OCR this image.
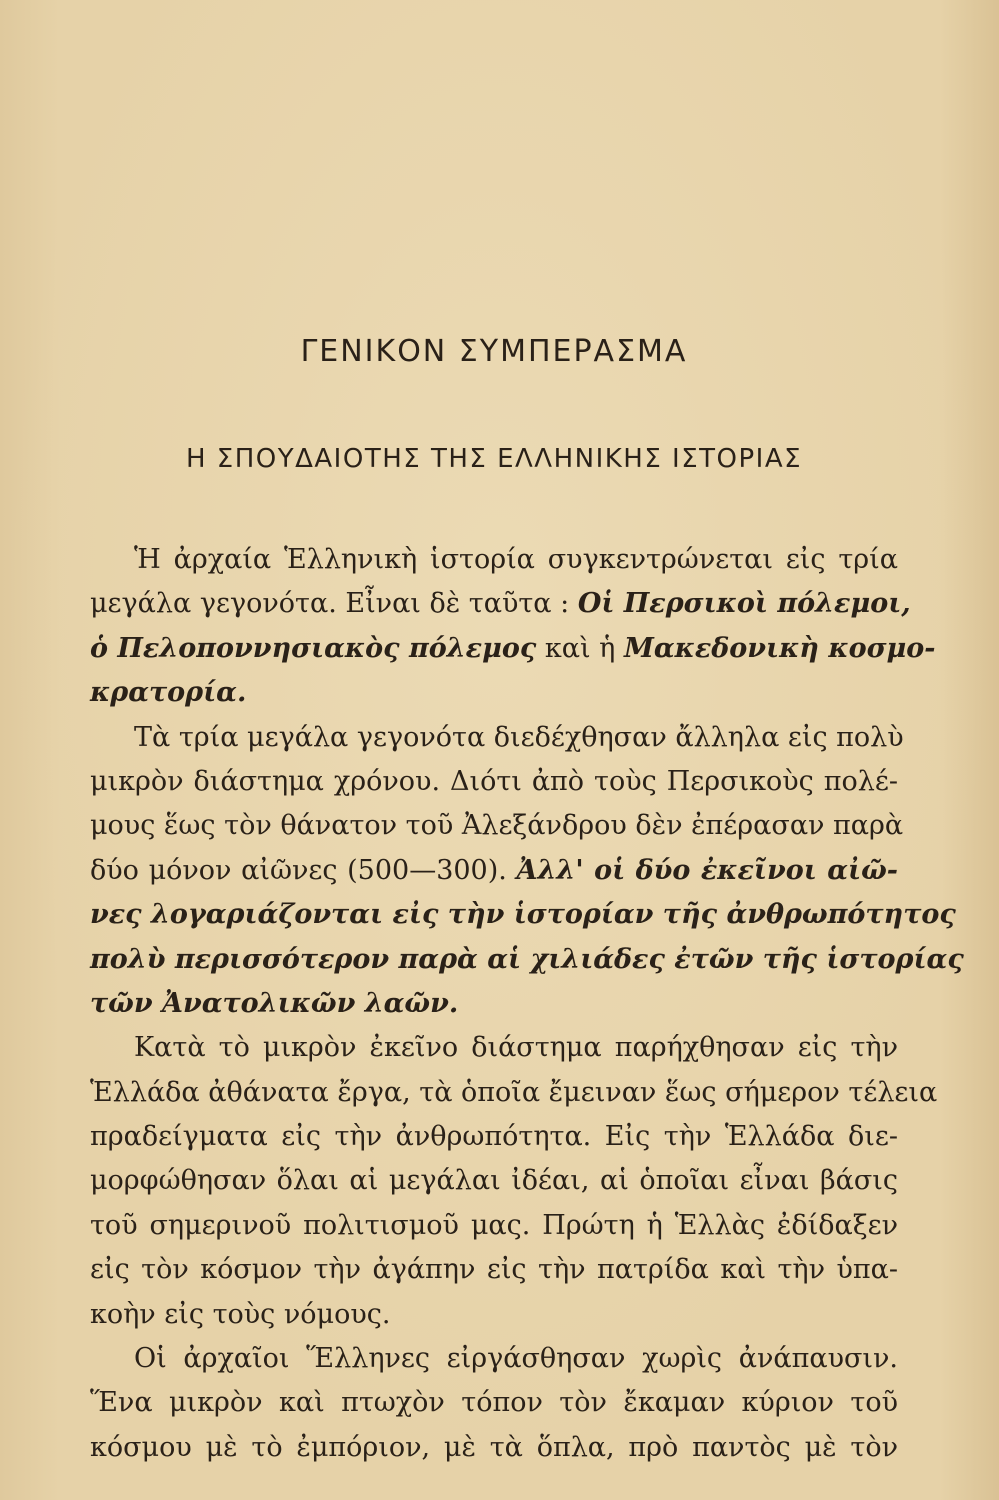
ΓΕΝΙΚΟΝ ΣΥΜΠΕΡΑΣΜΑ
Η ΣΠΟΥΔΑΙΟΤΗΣ ΤΗΣ ΕΛΛΗΝΙΚΗΣ ΙΣΤΟΡΙΑΣ
Ἡ ἀρχαία Ἑλληνικὴ ἱστορία συγκεντρώνεται εἰς τρία
μεγάλα γεγονότα. Εἶναι δὲ ταῦτα : Οἱ Περσικοὶ πόλεμοι,
ὁ Πελοποννησιακὸς πόλεμος καὶ ἡ Μακεδονικὴ κοσμο-
κρατορία.
Τὰ τρία μεγάλα γεγονότα διεδέχθησαν ἄλληλα εἰς πολὺ
μικρὸν διάστημα χρόνου. Διότι ἀπὸ τοὺς Περσικοὺς πολέ-
μους ἕως τὸν θάνατον τοῦ Ἀλεξάνδρου δὲν ἐπέρασαν παρὰ
δύο μόνον αἰῶνες (500—300). Ἀλλ' οἱ δύο ἐκεῖνοι αἰῶ-
νες λογαριάζονται εἰς τὴν ἱστορίαν τῆς ἀνθρωπότητος
πολὺ περισσότερον παρὰ αἱ χιλιάδες ἐτῶν τῆς ἱστορίας
τῶν Ἀνατολικῶν λαῶν.
Κατὰ τὸ μικρὸν ἐκεῖνο διάστημα παρήχθησαν εἰς τὴν
Ἑλλάδα ἀθάνατα ἔργα, τὰ ὁποῖα ἔμειναν ἕως σήμερον τέλεια
πραδείγματα εἰς τὴν ἀνθρωπότητα. Εἰς τὴν Ἑλλάδα διε-
μορφώθησαν ὅλαι αἱ μεγάλαι ἰδέαι, αἱ ὁποῖαι εἶναι βάσις
τοῦ σημερινοῦ πολιτισμοῦ μας. Πρώτη ἡ Ἑλλὰς ἐδίδαξεν
εἰς τὸν κόσμον τὴν ἀγάπην εἰς τὴν πατρίδα καὶ τὴν ὑπα-
κοὴν εἰς τοὺς νόμους.
Οἱ ἀρχαῖοι Ἕλληνες εἰργάσθησαν χωρὶς ἀνάπαυσιν.
Ἕνα μικρὸν καὶ πτωχὸν τόπον τὸν ἔκαμαν κύριον τοῦ
κόσμου μὲ τὸ ἐμπόριον, μὲ τὰ ὅπλα, πρὸ παντὸς μὲ τὸν
